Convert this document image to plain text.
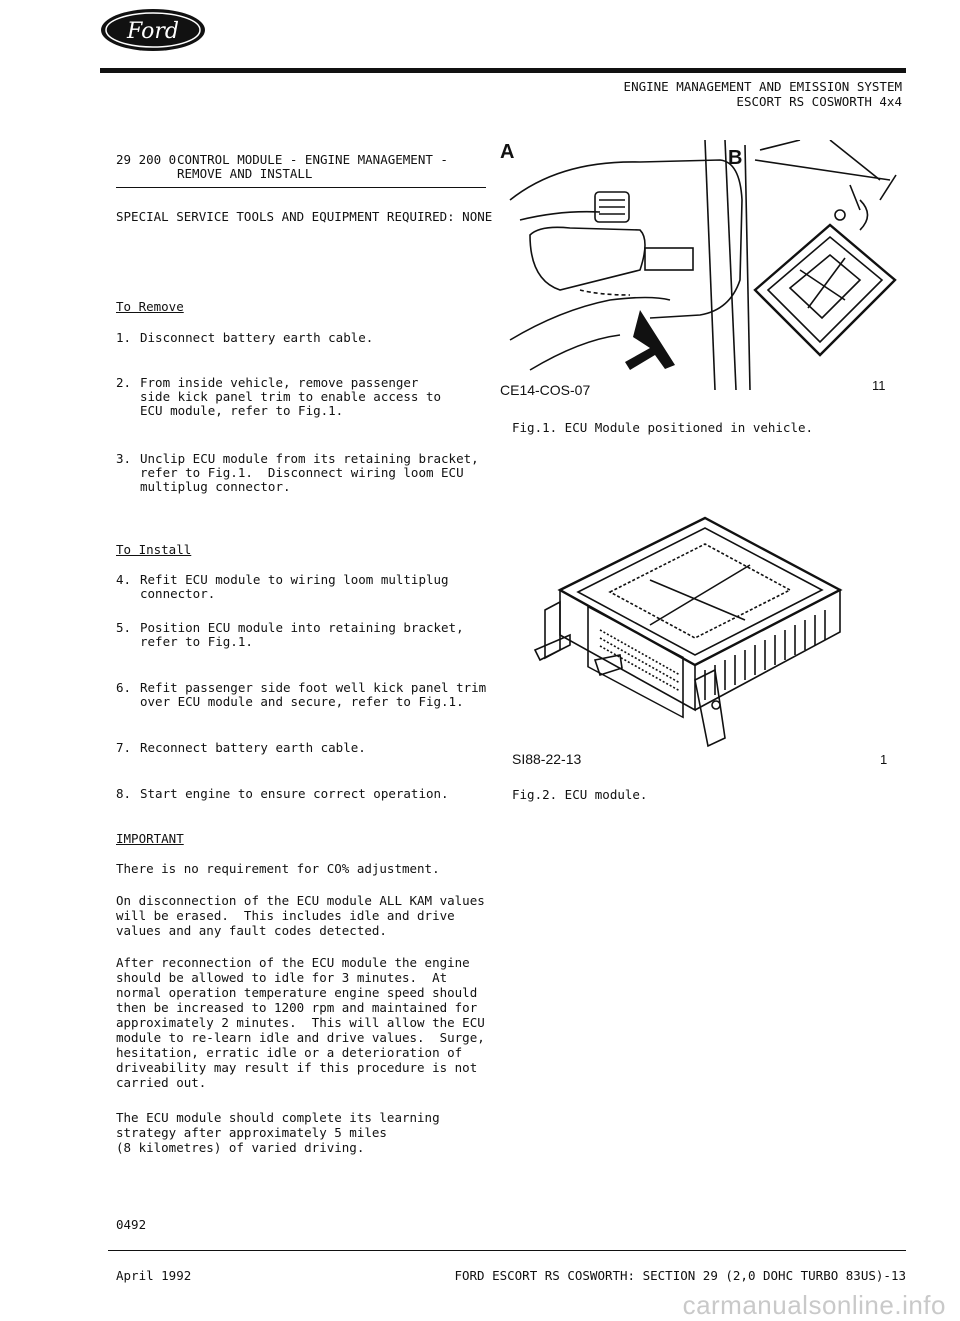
Ford
ENGINE MANAGEMENT AND EMISSION SYSTEM
ESCORT RS COSWORTH 4x4
29 200 0 CONTROL MODULE - ENGINE MANAGEMENT -
REMOVE AND INSTALL
SPECIAL SERVICE TOOLS AND EQUIPMENT REQUIRED: NONE
To Remove
1. Disconnect battery earth cable.
2. From inside vehicle, remove passenger
side kick panel trim to enable access to
ECU module, refer to Fig.1.
3. Unclip ECU module from its retaining bracket,
refer to Fig.1.  Disconnect wiring loom ECU
multiplug connector.
To Install
4. Refit ECU module to wiring loom multiplug
connector.
5. Position ECU module into retaining bracket,
refer to Fig.1.
6. Refit passenger side foot well kick panel trim
over ECU module and secure, refer to Fig.1.
7. Reconnect battery earth cable.
8. Start engine to ensure correct operation.
IMPORTANT
There is no requirement for CO% adjustment.
On disconnection of the ECU module ALL KAM values
will be erased.  This includes idle and drive
values and any fault codes detected.
After reconnection of the ECU module the engine
should be allowed to idle for 3 minutes.  At
normal operation temperature engine speed should
then be increased to 1200 rpm and maintained for
approximately 2 minutes.  This will allow the ECU
module to re-learn idle and drive values.  Surge,
hesitation, erratic idle or a deterioration of
driveability may result if this procedure is not
carried out.
The ECU module should complete its learning
strategy after approximately 5 miles
(8 kilometres) of varied driving.
A	B
CE14-COS-07	11
Fig.1. ECU Module positioned in vehicle.
SI88-22-13	1
Fig.2. ECU module.
0492
April 1992	FORD ESCORT RS COSWORTH: SECTION 29 (2,0 DOHC TURBO 83US)-13
carmanualsonline.info
